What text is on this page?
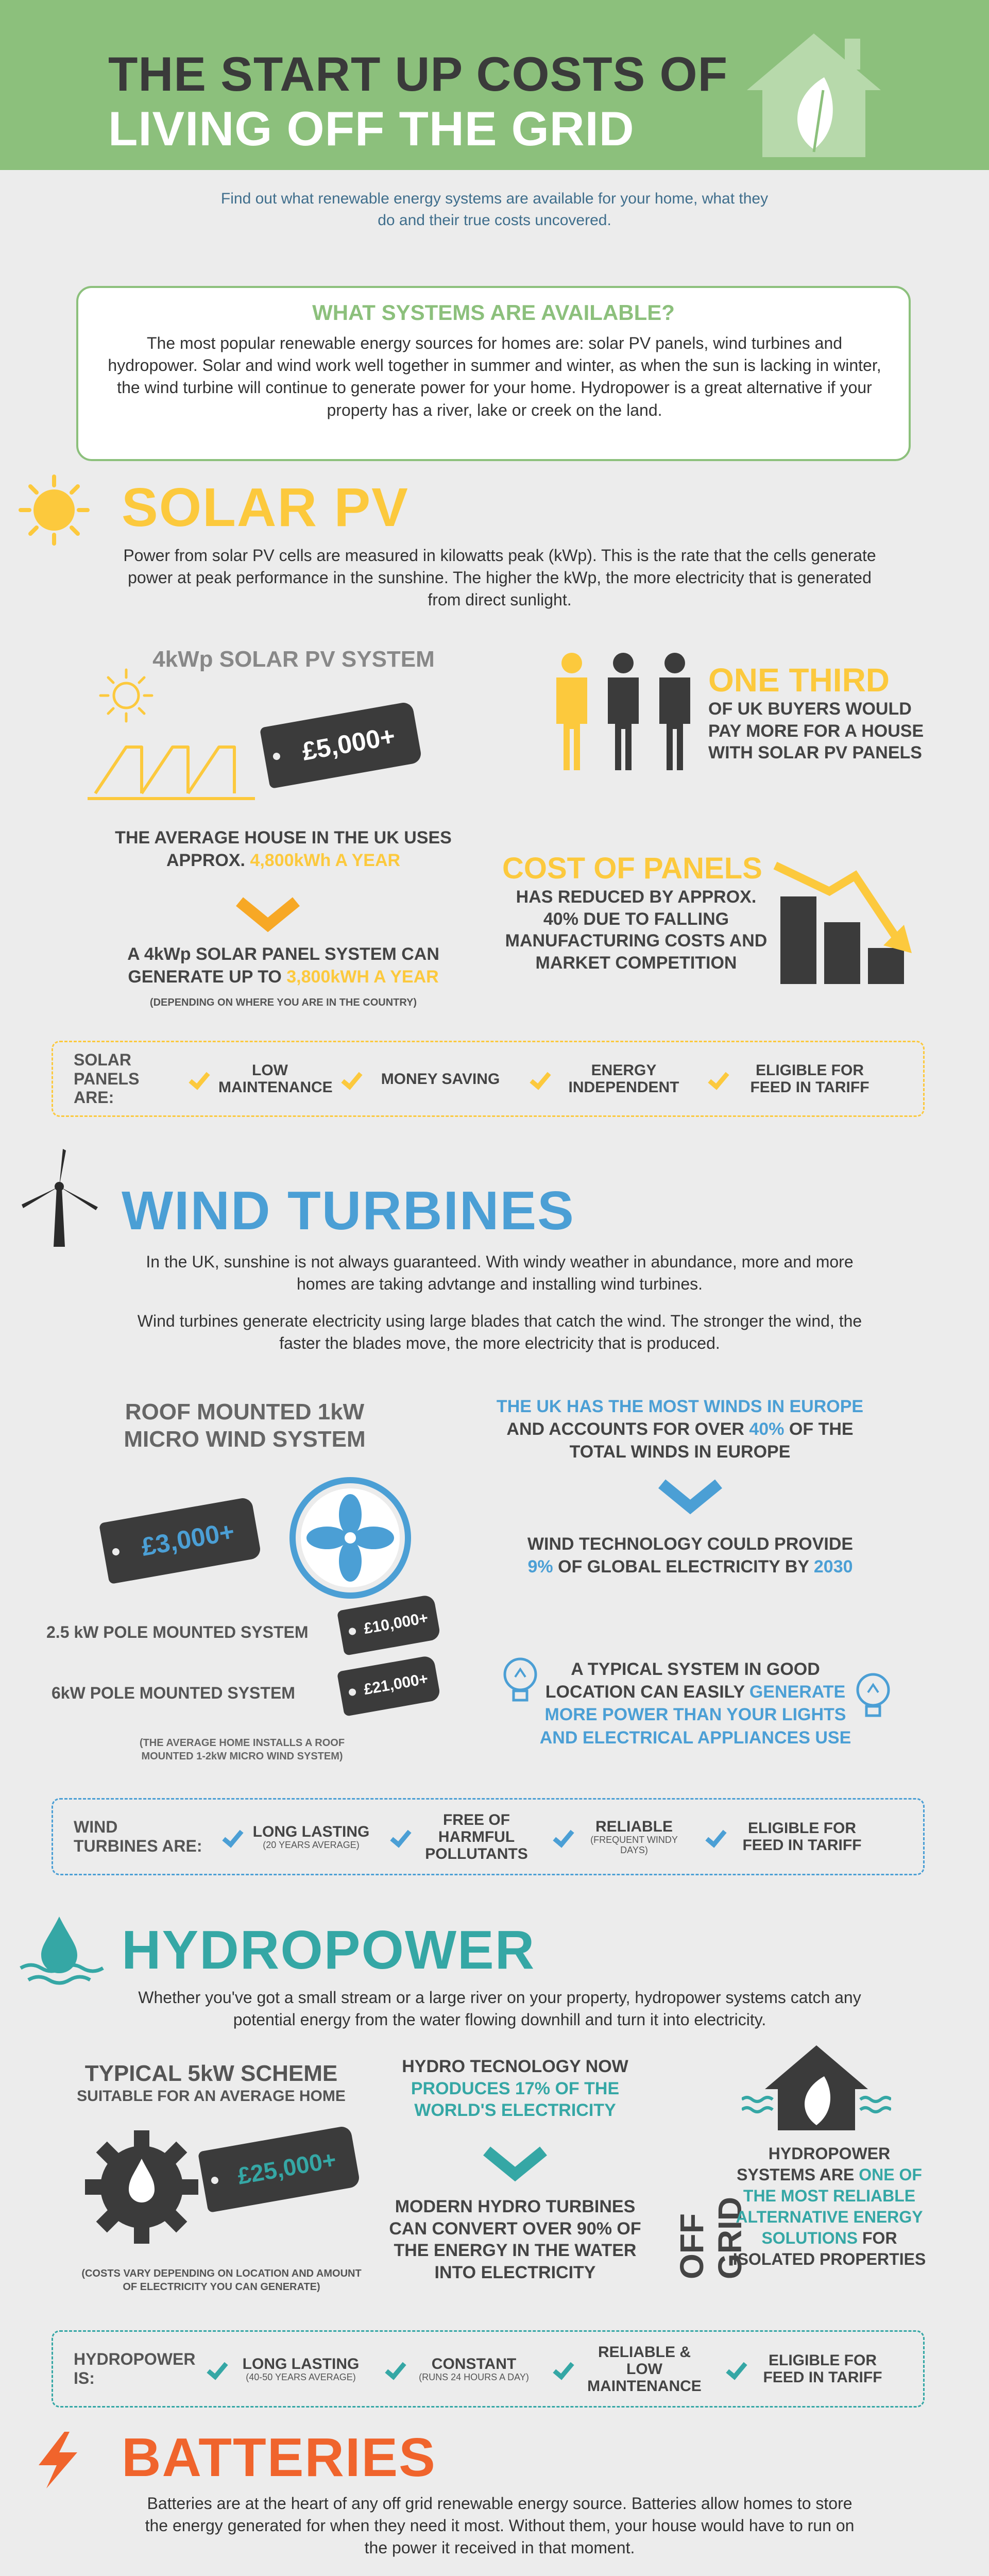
THE START UP COSTS OF
LIVING OFF THE GRID
Find out what renewable energy systems are available for your home, what they do and their true costs uncovered.
WHAT SYSTEMS ARE AVAILABLE?
The most popular renewable energy sources for homes are: solar PV panels, wind turbines and hydropower. Solar and wind work well together in summer and winter, as when the sun is lacking in winter, the wind turbine will continue to generate power for your home. Hydropower is a great alternative if your property has a river, lake or creek on the land.
SOLAR PV
Power from solar PV cells are measured in kilowatts peak (kWp). This is the rate that the cells generate power at peak performance in the sunshine. The higher the kWp, the more electricity that is generated from direct sunlight.
4kWp SOLAR PV SYSTEM
£5,000+
THE AVERAGE HOUSE IN THE UK USES APPROX. 4,800kWh A YEAR
A 4kWp SOLAR PANEL SYSTEM CAN GENERATE UP TO 3,800kWH A YEAR
(DEPENDING ON WHERE YOU ARE IN THE COUNTRY)
ONE THIRD
OF UK BUYERS WOULD PAY MORE FOR A HOUSE WITH SOLAR PV PANELS
COST OF PANELS
HAS REDUCED BY APPROX. 40% DUE TO FALLING MANUFACTURING COSTS AND MARKET COMPETITION
SOLAR PANELS ARE:
LOW MAINTENANCE	MONEY SAVING	ENERGY INDEPENDENT
ELIGIBLE FOR FEED IN TARIFF
WIND TURBINES
In the UK, sunshine is not always guaranteed. With windy weather in abundance, more and more homes are taking advtange and installing wind turbines.
Wind turbines generate electricity using large blades that catch the wind. The stronger the wind, the faster the blades move, the more electricity that is produced.
ROOF MOUNTED 1kW MICRO WIND SYSTEM
£3,000+
2.5 kW POLE MOUNTED SYSTEM	£10,000+
6kW POLE MOUNTED SYSTEM	£21,000+
(THE AVERAGE HOME INSTALLS A ROOF MOUNTED 1-2kW MICRO WIND SYSTEM)
THE UK HAS THE MOST WINDS IN EUROPE
AND ACCOUNTS FOR OVER 40% OF THE TOTAL WINDS IN EUROPE
WIND TECHNOLOGY COULD PROVIDE
9% OF GLOBAL ELECTRICITY BY 2030
A TYPICAL SYSTEM IN GOOD LOCATION CAN EASILY GENERATE MORE POWER THAN YOUR LIGHTS AND ELECTRICAL APPLIANCES USE
WIND TURBINES ARE:
LONG LASTING
(20 YEARS AVERAGE)
FREE OF HARMFUL POLLUTANTS
RELIABLE
(FREQUENT WINDY DAYS)
ELIGIBLE FOR FEED IN TARIFF
HYDROPOWER
Whether you've got a small stream or a large river on your property, hydropower systems catch any potential energy from the water flowing downhill and turn it into electricity.
TYPICAL 5kW SCHEME
SUITABLE FOR AN AVERAGE HOME
£25,000+
(COSTS VARY DEPENDING ON LOCATION AND AMOUNT OF ELECTRICITY YOU CAN GENERATE)
HYDRO TECNOLOGY NOW
PRODUCES 17% OF THE WORLD'S ELECTRICITY
MODERN HYDRO TURBINES CAN CONVERT OVER 90% OF THE ENERGY IN THE WATER INTO ELECTRICITY	OFF GRID
HYDROPOWER SYSTEMS ARE ONE OF THE MOST RELIABLE ALTERNATIVE ENERGY SOLUTIONS FOR ISOLATED PROPERTIES
HYDROPOWER IS:
LONG LASTING
(40-50 YEARS AVERAGE)
CONSTANT
(RUNS 24 HOURS A DAY)
RELIABLE & LOW MAINTENANCE
ELIGIBLE FOR FEED IN TARIFF
BATTERIES
Batteries are at the heart of any off grid renewable energy source. Batteries allow homes to store the energy generated for when they need it most. Without them, your house would have to run on the power it received in that moment.
